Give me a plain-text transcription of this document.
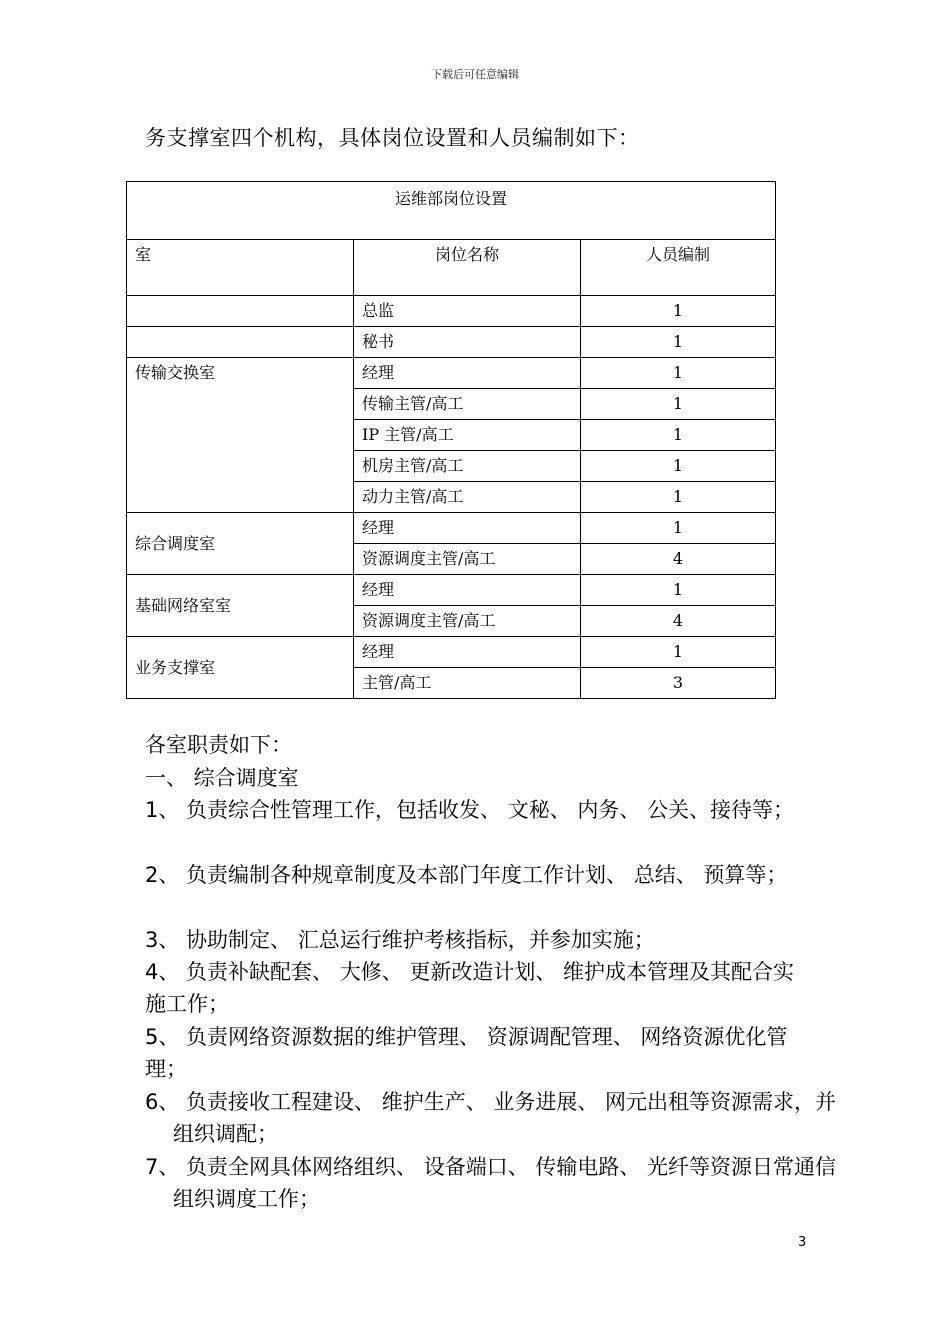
下载后可任意编辑
务支撑室四个机构，具体岗位设置和人员编制如下：
运维部岗位设置		
室	岗位名称	人员编制
	总监	1
	秘书	1
传输交换室	经理	1
	传输主管/高工	1
	IP 主管/高工	1
	机房主管/高工	1
	动力主管/高工	1
综合调度室	经理	1
	资源调度主管/高工	4
基础网络室室	经理	1
	资源调度主管/高工	4
业务支撑室	经理	1
	主管/高工	3
各室职责如下：
一、 综合调度室
1、 负责综合性管理工作，包括收发、 文秘、 内务、 公关、接待等；
2、 负责编制各种规章制度及本部门年度工作计划、 总结、 预算等；
3、 协助制定、 汇总运行维护考核指标，并参加实施；
4、 负责补缺配套、 大修、 更新改造计划、 维护成本管理及其配合实施工作；
5、 负责网络资源数据的维护管理、 资源调配管理、 网络资源优化管理；
6、 负责接收工程建设、 维护生产、 业务进展、 网元出租等资源需求，并组织调配；
7、 负责全网具体网络组织、 设备端口、 传输电路、 光纤等资源日常通信组织调度工作；
3
